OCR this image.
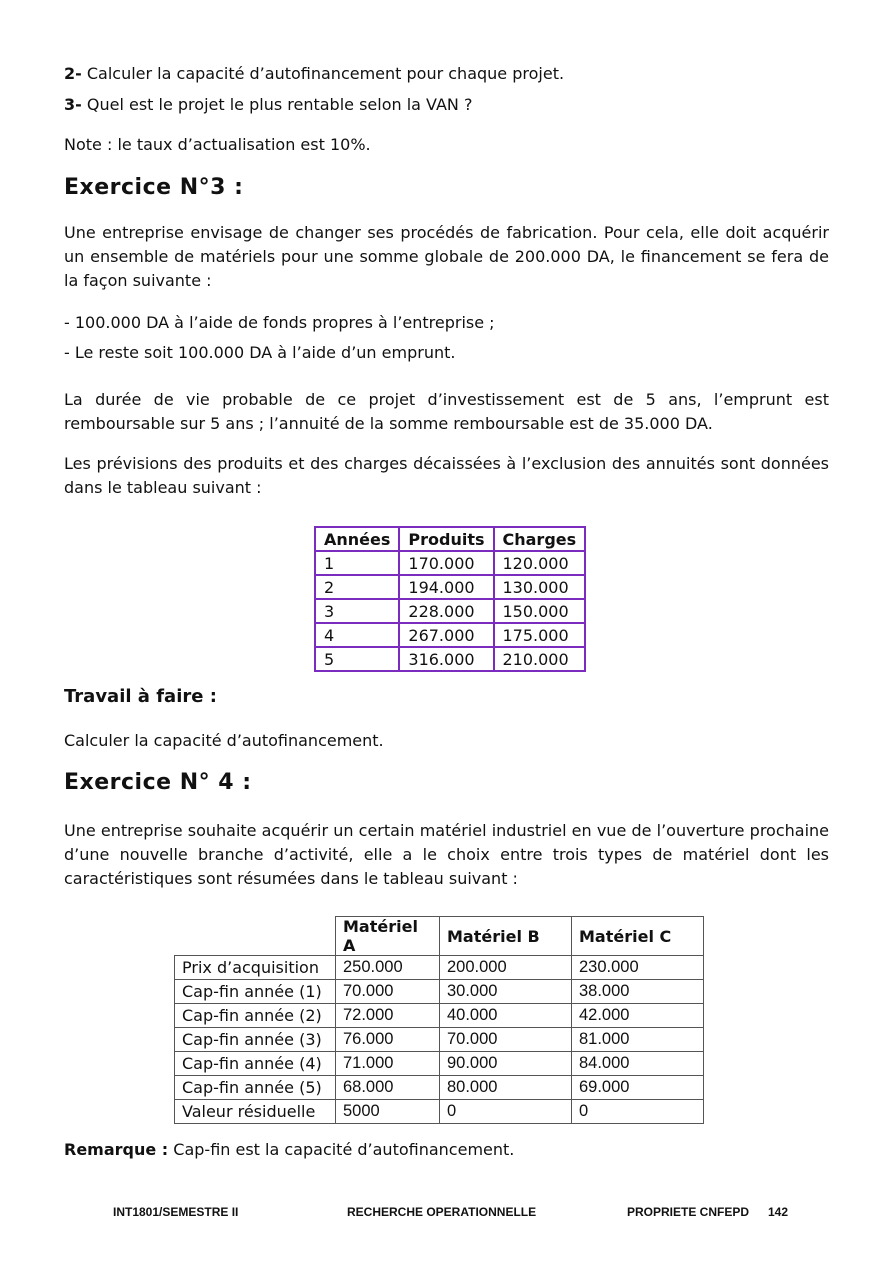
2- Calculer la capacité d’autofinancement pour chaque projet.
3- Quel est le projet le plus rentable selon la VAN ?
Note : le taux d’actualisation est 10%.
Exercice N°3 :
Une entreprise envisage de changer ses procédés de fabrication. Pour cela, elle doit acquérir un ensemble de matériels pour une somme globale de 200.000 DA, le financement se fera de la façon suivante :
- 100.000 DA à l’aide de fonds propres à l’entreprise ;
- Le reste soit 100.000 DA à l’aide d’un emprunt.
La durée de vie probable de ce projet d’investissement est de 5 ans, l’emprunt est remboursable sur 5 ans ; l’annuité de la somme remboursable est de 35.000 DA.
Les prévisions des produits et des charges décaissées à l’exclusion des annuités sont données dans le tableau suivant :
Travail à faire :
Calculer la capacité d’autofinancement.
Exercice N° 4 :
Une entreprise souhaite acquérir un certain matériel industriel en vue de l’ouverture prochaine d’une nouvelle branche d’activité, elle a le choix entre trois types de matériel dont les caractéristiques sont résumées dans le tableau suivant :
Remarque : Cap-fin est la capacité d’autofinancement.
Années	Produits	Charges
1	170.000	120.000
2	194.000	130.000
3	228.000	150.000
4	267.000	175.000
5	316.000	210.000
	Matériel A	Matériel B	Matériel C
Prix d’acquisition	250.000	200.000	230.000
Cap-fin année (1)	70.000	30.000	38.000
Cap-fin année (2)	72.000	40.000	42.000
Cap-fin année (3)	76.000	70.000	81.000
Cap-fin année (4)	71.000	90.000	84.000
Cap-fin année (5)	68.000	80.000	69.000
Valeur résiduelle	5000	0	0
INT1801/SEMESTRE II	RECHERCHE OPERATIONNELLE	PROPRIETE CNFEPD 142
